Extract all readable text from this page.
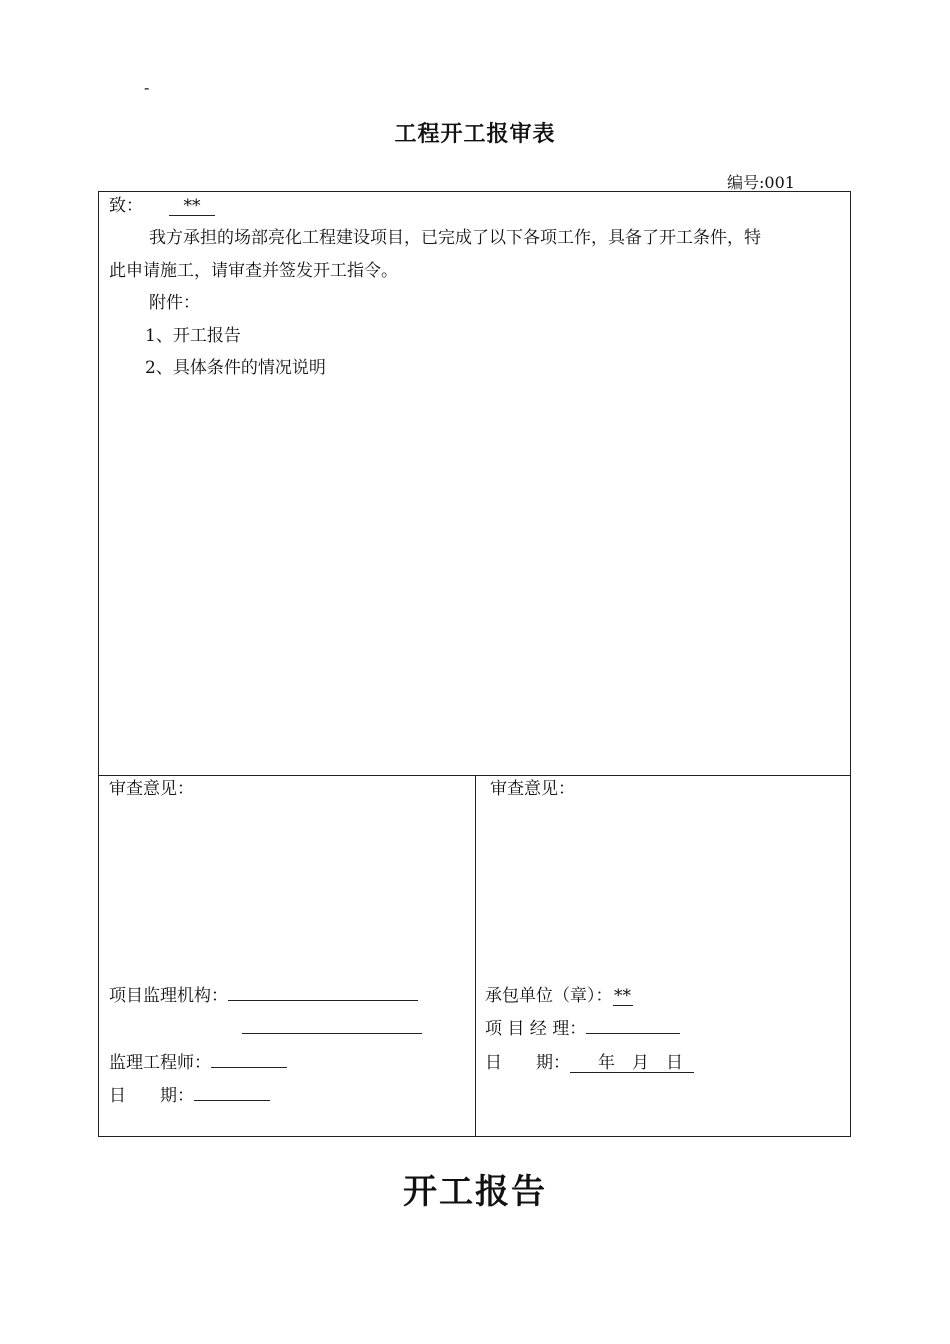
-
工程开工报审表
编号:001
致： **
我方承担的场部亮化工程建设项目，已完成了以下各项工作，具备了开工条件，特
此申请施工，请审查并签发开工指令。
附件：
1、开工报告
2、具体条件的情况说明
审查意见：
项目监理机构：
监理工程师：
日　　期：
审查意见：
承包单位（章）：**
项 目 经 理：
日　　期：　年　月　日
开工报告
